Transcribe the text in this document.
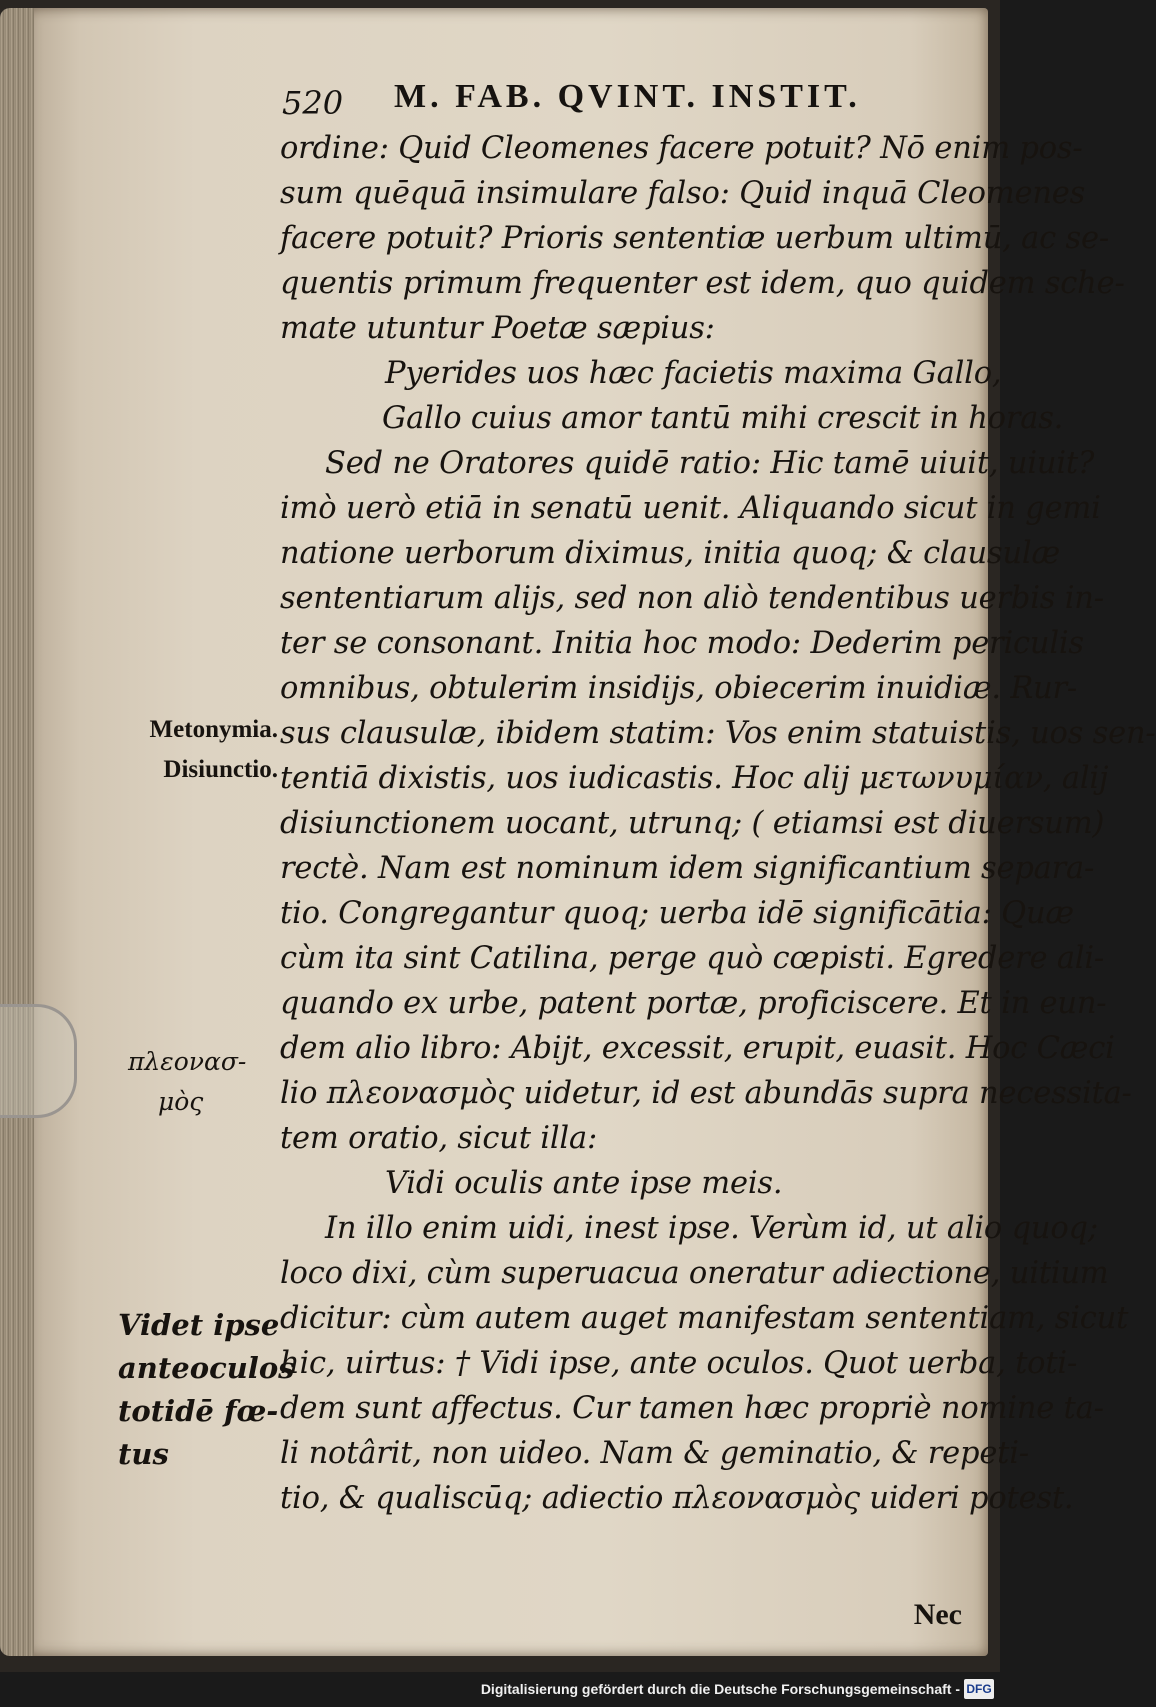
520 M. FAB. QVINT. INSTIT.
ordine: Quid Cleomenes facere potuit? Nō enim pos-
sum quēquā insimulare falso: Quid inquā Cleomenes
facere potuit? Prioris sententiæ uerbum ultimū, ac se-
quentis primum frequenter est idem, quo quidem sche-
mate utuntur Poetæ sæpius:
Pyerides uos hæc facietis maxima Gallo,
Gallo cuius amor tantū mihi crescit in horas.
Sed ne Oratores quidē ratio: Hic tamē uiuit, uiuit?
imò uerò etiā in senatū uenit. Aliquando sicut in gemi
natione uerborum diximus, initia quoq; & clausulæ
sententiarum alijs, sed non aliò tendentibus uerbis in-
ter se consonant. Initia hoc modo: Dederim periculis
omnibus, obtulerim insidijs, obiecerim inuidiæ. Rur-
sus clausulæ, ibidem statim: Vos enim statuistis, uos sen-
tentiā dixistis, uos iudicastis. Hoc alij μετωνυμίαν, alij
disiunctionem uocant, utrunq; ( etiamsi est diuersum)
rectè. Nam est nominum idem significantium separa-
tio. Congregantur quoq; uerba idē significātia: Quæ
cùm ita sint Catilina, perge quò cœpisti. Egredere ali-
quando ex urbe, patent portæ, proficiscere. Et in eun-
dem alio libro: Abijt, excessit, erupit, euasit. Hoc Cæci
lio πλεονασμὸς uidetur, id est abundās supra necessita-
tem oratio, sicut illa:
Vidi oculis ante ipse meis.
In illo enim uidi, inest ipse. Verùm id, ut alio quoq;
loco dixi, cùm superuacua oneratur adiectione, uitium
dicitur: cùm autem auget manifestam sententiam, sicut
hic, uirtus: † Vidi ipse, ante oculos. Quot uerba, toti-
dem sunt affectus. Cur tamen hæc propriè nomine ta-
li notârit, non uideo. Nam & geminatio, & repeti-
tio, & qualiscūq; adiectio πλεονασμὸς uideri potest.
Metonymia.
Disiunctio.
πλεονασ-
μὸς
Videt ipse
anteoculos
totidē fœ-
tus
Nec
Digitalisierung gefördert durch die Deutsche Forschungsgemeinschaft - DFG
